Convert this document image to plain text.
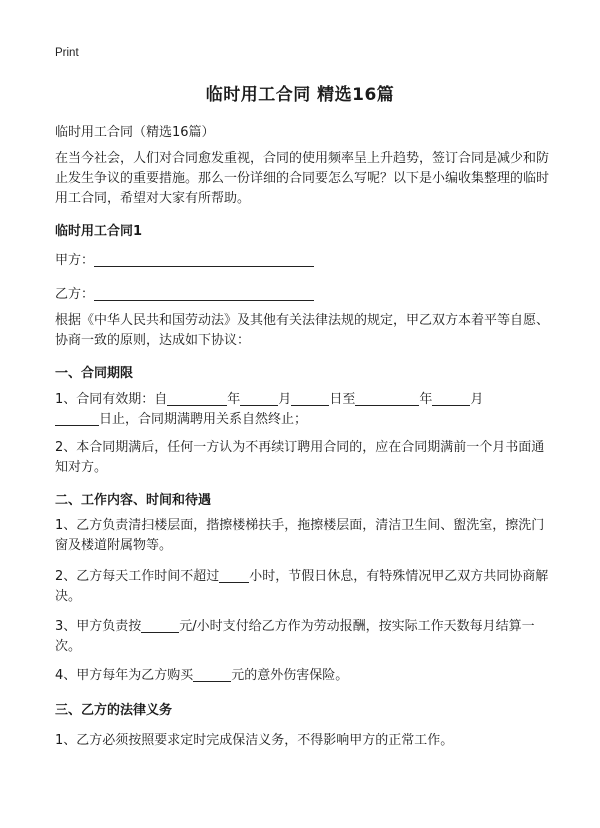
Print
临时用工合同 精选16篇
临时用工合同（精选16篇）
在当今社会，人们对合同愈发重视，合同的使用频率呈上升趋势，签订合同是减少和防止发生争议的重要措施。那么一份详细的合同要怎么写呢？以下是小编收集整理的临时用工合同，希望对大家有所帮助。
临时用工合同1
甲方：
乙方：
根据《中华人民共和国劳动法》及其他有关法律法规的规定，甲乙双方本着平等自愿、协商一致的原则，达成如下协议：
一、合同期限
1、合同有效期：自	年	月	日至	年	月
日止，合同期满聘用关系自然终止；
2、本合同期满后，任何一方认为不再续订聘用合同的，应在合同期满前一个月书面通知对方。
二、工作内容、时间和待遇
1、乙方负责清扫楼层面，揩擦楼梯扶手，拖擦楼层面，清洁卫生间、盥洗室，擦洗门窗及楼道附属物等。
2、乙方每天工作时间不超过 小时，节假日休息，有特殊情况甲乙双方共同协商解决。
3、甲方负责按	元/小时支付给乙方作为劳动报酬，按实际工作天数每月结算一次。
4、甲方每年为乙方购买	元的意外伤害保险。
三、乙方的法律义务
1、乙方必须按照要求定时完成保洁义务，不得影响甲方的正常工作。
